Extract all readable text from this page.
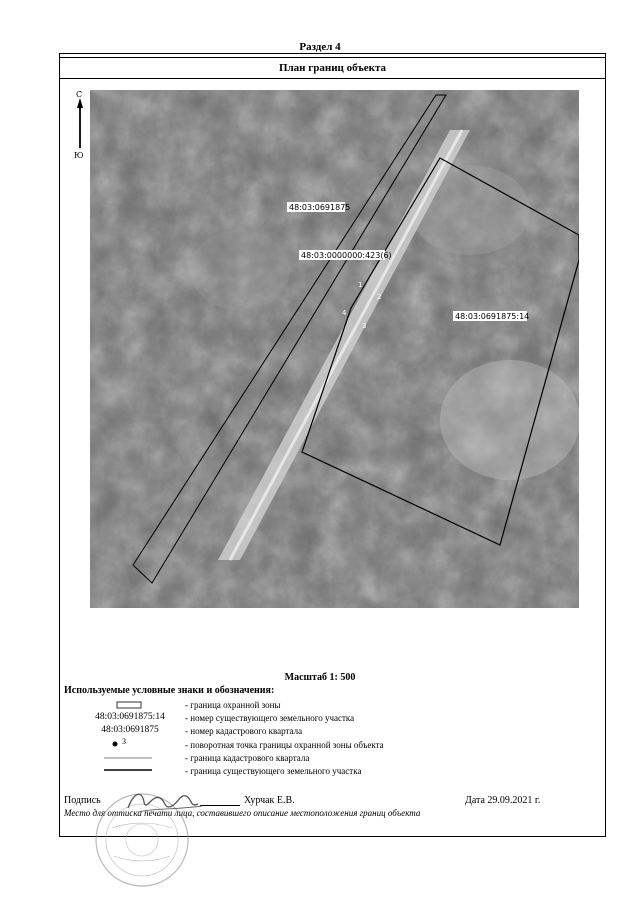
Раздел 4
План границ объекта
С
Ю
48:03:0691875
48:03:0000000:423(6)
48:03:0691875:14
1
2
3
4
Масштаб 1: 500
Используемые условные знаки и обозначения:
- граница охранной зоны
48:03:0691875:14	- номер существующего земельного участка
48:03:0691875	- номер кадастрового квартала
3	- поворотная точка границы охранной зоны объекта
- граница кадастрового квартала
- граница существующего земельного участка
Подпись	Хурчак Е.В.	Дата 29.09.2021 г.
Место для оттиска печати лица, составившего описание местоположения границ объекта
